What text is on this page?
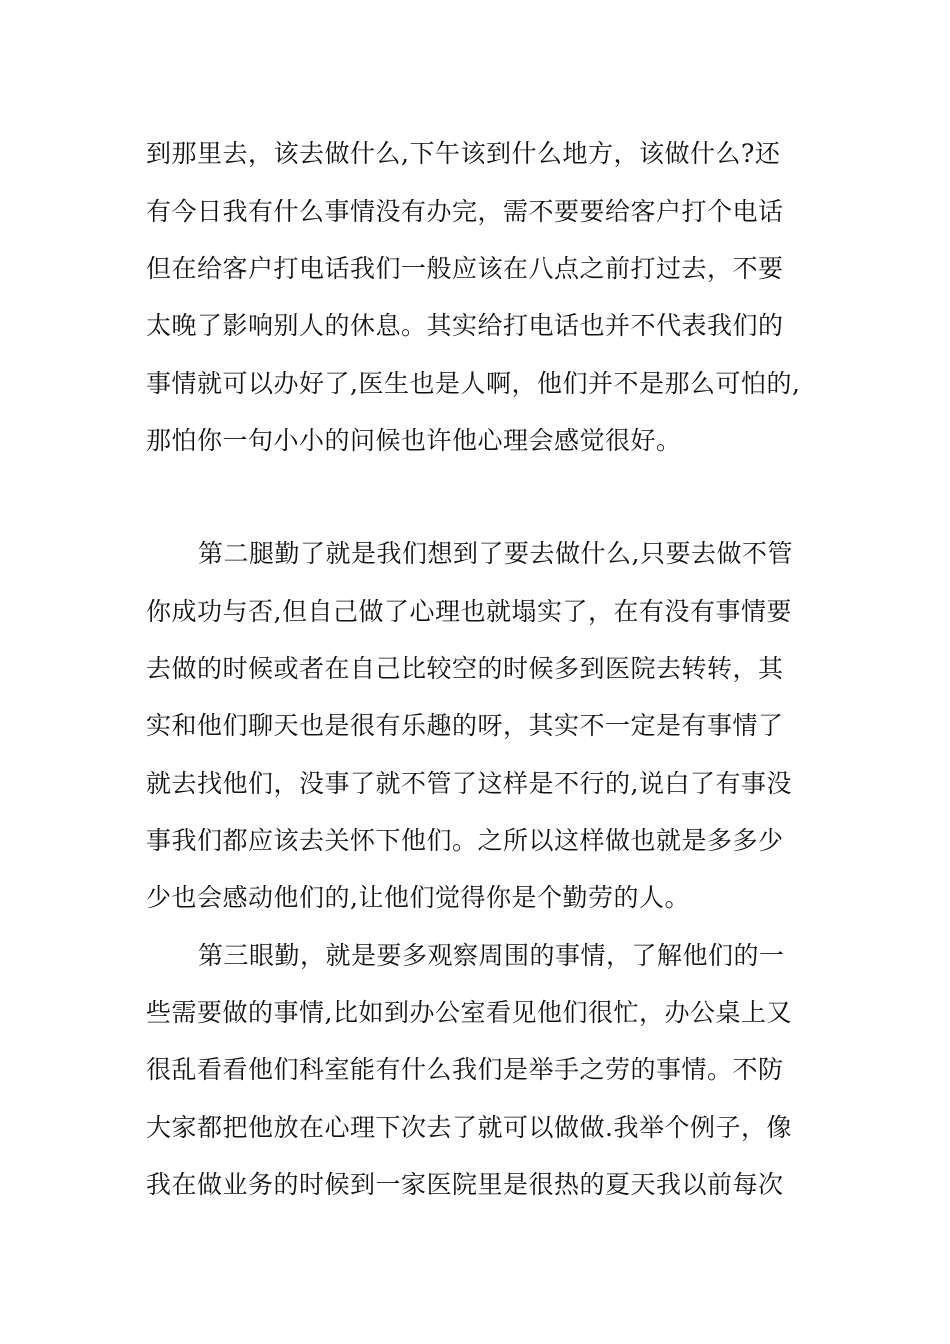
到那里去，该去做什么,下午该到什么地方，该做什么?还
有今日我有什么事情没有办完，需不要要给客户打个电话
但在给客户打电话我们一般应该在八点之前打过去，不要
太晚了影响别人的休息。其实给打电话也并不代表我们的
事情就可以办好了,医生也是人啊，他们并不是那么可怕的,
那怕你一句小小的问候也许他心理会感觉很好。
第二腿勤了就是我们想到了要去做什么,只要去做不管
你成功与否,但自己做了心理也就塌实了，在有没有事情要
去做的时候或者在自己比较空的时候多到医院去转转，其
实和他们聊天也是很有乐趣的呀，其实不一定是有事情了
就去找他们，没事了就不管了这样是不行的,说白了有事没
事我们都应该去关怀下他们。之所以这样做也就是多多少
少也会感动他们的,让他们觉得你是个勤劳的人。
第三眼勤，就是要多观察周围的事情，了解他们的一
些需要做的事情,比如到办公室看见他们很忙，办公桌上又
很乱看看他们科室能有什么我们是举手之劳的事情。不防
大家都把他放在心理下次去了就可以做做.我举个例子，像
我在做业务的时候到一家医院里是很热的夏天我以前每次
